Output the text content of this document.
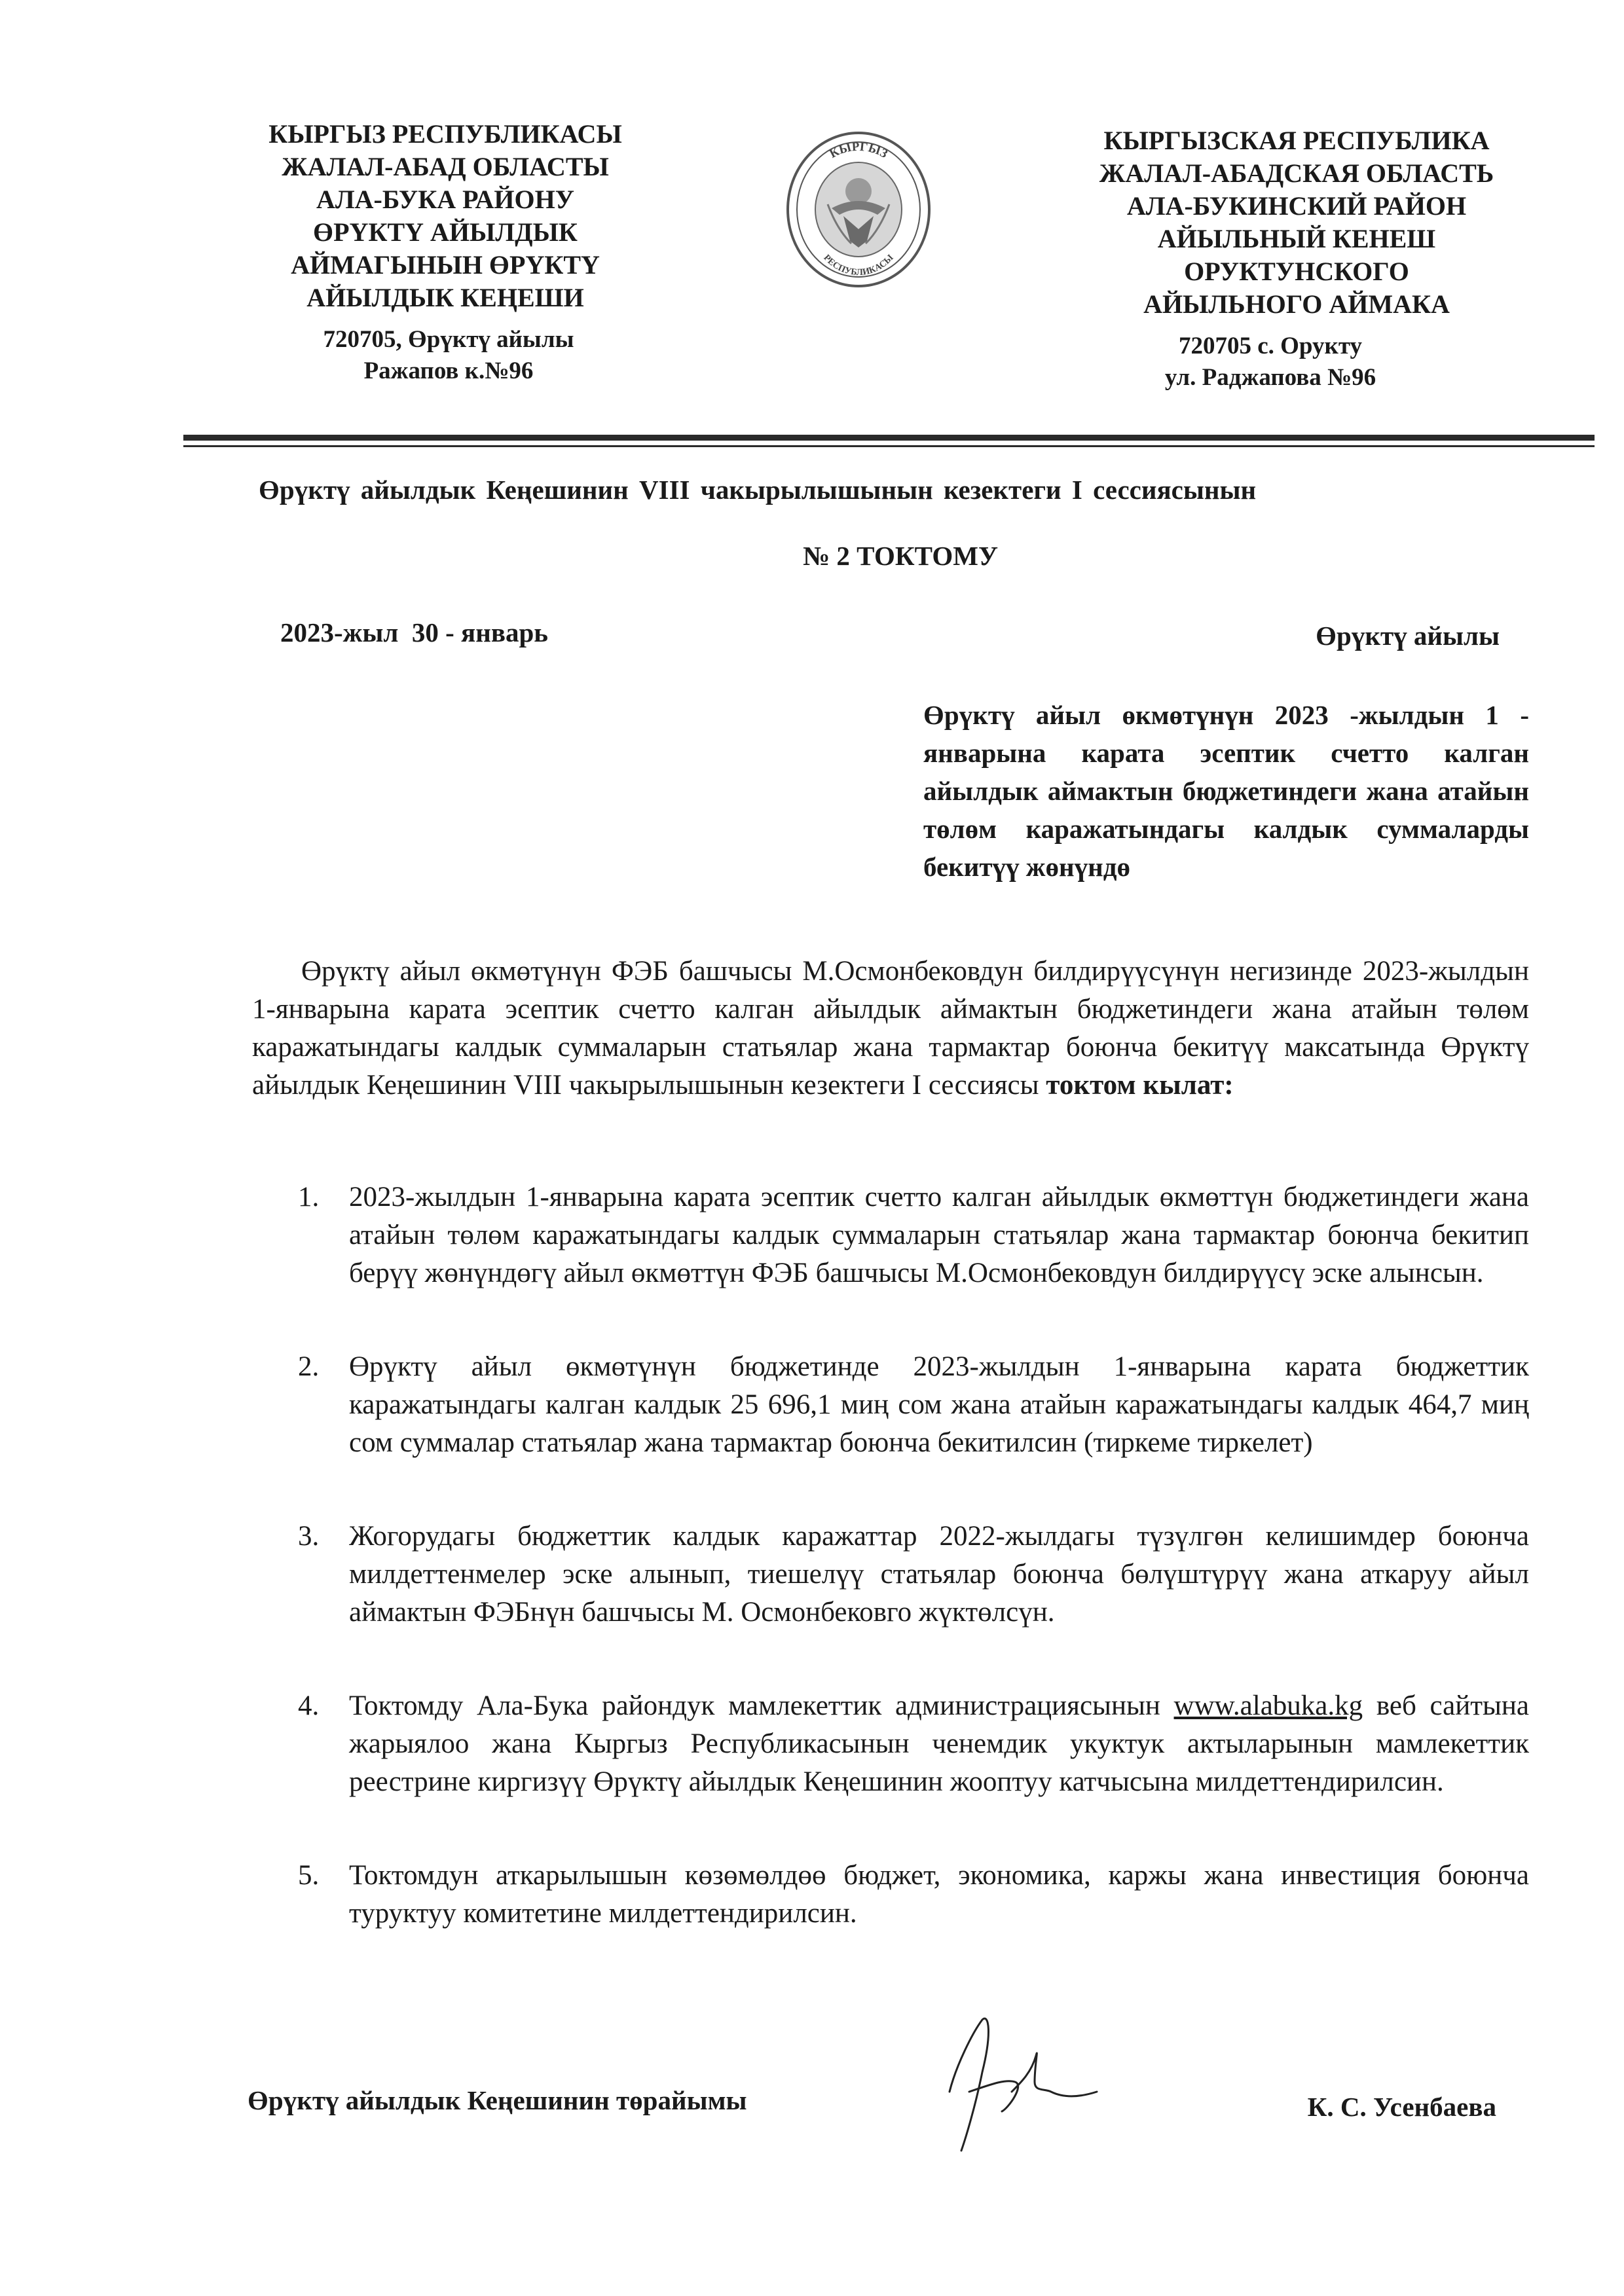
КЫРГЫЗ РЕСПУБЛИКАСЫ
ЖАЛАЛ-АБАД ОБЛАСТЫ
АЛА-БУКА РАЙОНУ
ӨРҮКТҮ АЙЫЛДЫК
АЙМАГЫНЫН ӨРҮКТҮ
АЙЫЛДЫК КЕҢЕШИ
720705, Өрүктү айылы
Ражапов к.№96
КЫРГЫЗ
РЕСПУБЛИКАСЫ
КЫРГЫЗСКАЯ РЕСПУБЛИКА
ЖАЛАЛ-АБАДСКАЯ ОБЛАСТЬ
АЛА-БУКИНСКИЙ РАЙОН
АЙЫЛЬНЫЙ КЕНЕШ
ОРУКТУНСКОГО
АЙЫЛЬНОГО АЙМАКА
720705 с. Орукту
ул. Раджапова №96
Өрүктү айылдык Кеңешинин VIII чакырылышынын кезектеги I сессиясынын
№ 2 ТОКТОМУ
2023-жыл  30 - январь	Өрүктү айылы
Өрүктү айыл өкмөтүнүн 2023 -жылдын 1 - январына карата эсептик счетто калган айылдык аймактын бюджетиндеги жана атайын төлөм каражатындагы калдык суммаларды бекитүү жөнүндө

Өрүктү айыл өкмөтүнүн ФЭБ башчысы М.Осмонбековдун билдирүүсүнүн негизинде 2023-жылдын 1-январына карата эсептик счетто калган айылдык аймактын бюджетиндеги жана атайын төлөм каражатындагы калдык суммаларын статьялар жана тармактар боюнча бекитүү максатында Өрүктү айылдык Кеңешинин VIII чакырылышынын кезектеги I сессиясы токтом кылат:

1. 2023-жылдын 1-январына карата эсептик счетто калган айылдык өкмөттүн бюджетиндеги жана атайын төлөм каражатындагы калдык суммаларын статьялар жана тармактар боюнча бекитип берүү жөнүндөгү айыл өкмөттүн ФЭБ башчысы М.Осмонбековдун билдирүүсү эске алынсын.
2. Өрүктү айыл өкмөтүнүн бюджетинде 2023-жылдын 1-январына карата бюджеттик каражатындагы калган калдык 25 696,1 миң сом жана атайын каражатындагы калдык 464,7 миң сом суммалар статьялар жана тармактар боюнча бекитилсин (тиркеме тиркелет)
3. Жогорудагы бюджеттик калдык каражаттар 2022-жылдагы түзүлгөн келишимдер боюнча милдеттенмелер эске алынып, тиешелүү статьялар боюнча бөлүштүрүү жана аткаруу айыл аймактын ФЭБнүн башчысы М. Осмонбековго жүктөлсүн.
4. Токтомду Ала-Бука райондук мамлекеттик администрациясынын www.alabuka.kg веб сайтына жарыялоо жана Кыргыз Республикасынын ченемдик укуктук актыларынын мамлекеттик реестрине киргизүү Өрүктү айылдык Кеңешинин жооптуу катчысына милдеттендирилсин.
5. Токтомдун аткарылышын көзөмөлдөө бюджет, экономика, каржы жана инвестиция боюнча туруктуу комитетине милдеттендирилсин.
Өрүктү айылдык Кеңешинин төрайымы	К. С. Усенбаева
